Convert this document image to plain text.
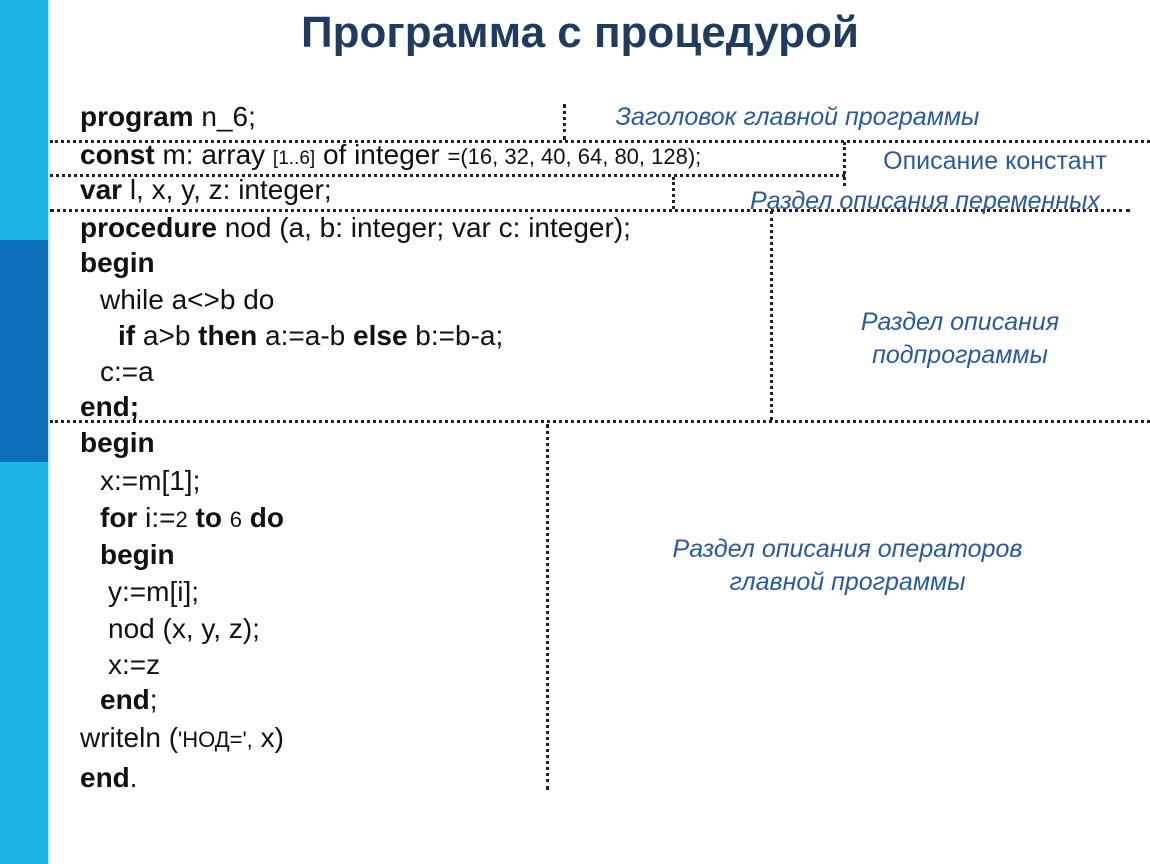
Программа с процедурой
program n_6;
const m: array [1..6] of integer =(16, 32, 40, 64, 80, 128);
var l, x, y, z: integer;
procedure nod (a, b: integer; var c: integer);
begin
while a<>b do
if a>b then a:=a-b else b:=b-a;
c:=a
end;
begin
x:=m[1];
for i:=2 to 6 do
begin
y:=m[i];
nod (x, y, z);
x:=z
end;
writeln ('НОД=', x)
end.
Заголовок главной программы
Описание констант
Раздел описания переменных
Раздел описания
подпрограммы
Раздел описания операторов
главной программы
